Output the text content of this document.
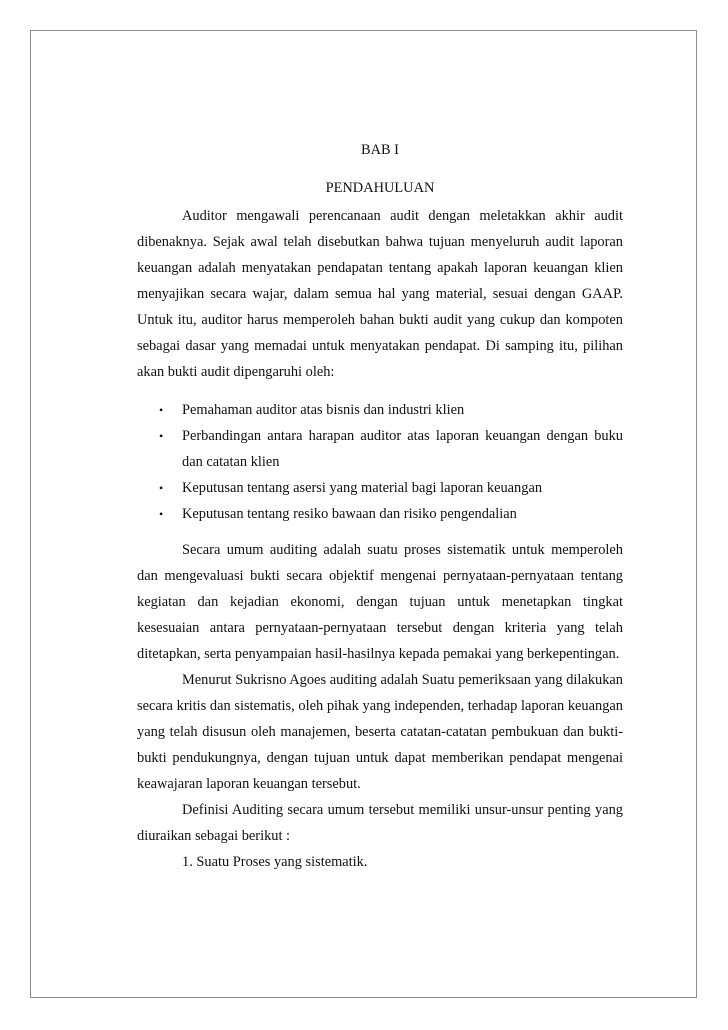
BAB I
PENDAHULUAN

Auditor mengawali perencanaan audit dengan meletakkan akhir audit dibenaknya. Sejak awal telah disebutkan bahwa tujuan menyeluruh audit laporan keuangan adalah menyatakan pendapatan tentang apakah laporan keuangan klien menyajikan secara wajar, dalam semua hal yang material, sesuai dengan GAAP. Untuk itu, auditor harus memperoleh bahan bukti audit yang cukup dan kompoten sebagai dasar yang memadai untuk menyatakan pendapat. Di samping itu, pilihan akan bukti audit dipengaruhi oleh:

• Pemahaman auditor atas bisnis dan industri klien
• Perbandingan antara harapan auditor atas laporan keuangan dengan buku dan catatan klien
• Keputusan tentang asersi yang material bagi laporan keuangan
• Keputusan tentang resiko bawaan dan risiko pengendalian

Secara umum auditing adalah suatu proses sistematik untuk memperoleh dan mengevaluasi bukti secara objektif mengenai pernyataan-pernyataan tentang kegiatan dan kejadian ekonomi, dengan tujuan untuk menetapkan tingkat kesesuaian antara pernyataan-pernyataan tersebut dengan kriteria yang telah ditetapkan, serta penyampaian hasil-hasilnya kepada pemakai yang berkepentingan.

Menurut Sukrisno Agoes auditing adalah Suatu pemeriksaan yang dilakukan secara kritis dan sistematis, oleh pihak yang independen, terhadap laporan keuangan yang telah disusun oleh manajemen, beserta catatan-catatan pembukuan dan bukti-bukti pendukungnya, dengan tujuan untuk dapat memberikan pendapat mengenai keawajaran laporan keuangan tersebut.

Definisi Auditing secara umum tersebut memiliki unsur-unsur penting yang diuraikan sebagai berikut :

1. Suatu Proses yang sistematik.
